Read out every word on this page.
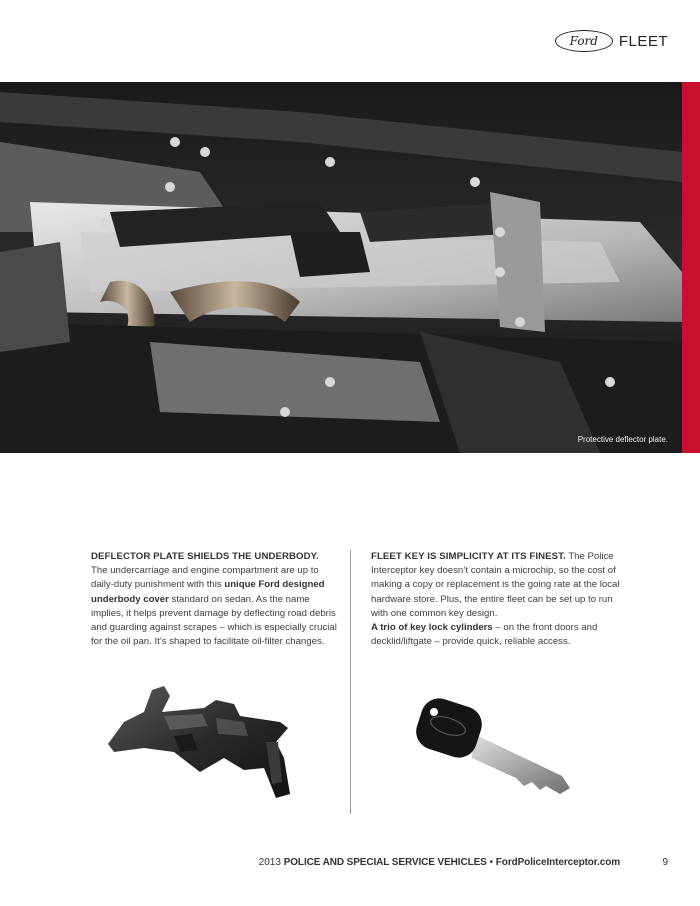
Ford FLEET
Protective deflector plate.

DEFLECTOR PLATE SHIELDS THE UNDERBODY.
The undercarriage and engine compartment are up to daily-duty punishment with this unique Ford designed underbody cover standard on sedan. As the name implies, it helps prevent damage by deflecting road debris and guarding against scrapes – which is especially crucial for the oil pan. It’s shaped to facilitate oil-filter changes.

FLEET KEY IS SIMPLICITY AT ITS FINEST. The Police Interceptor key doesn’t contain a microchip, so the cost of making a copy or replacement is the going rate at the local hardware store. Plus, the entire fleet can be set up to run with one common key design.
A trio of key lock cylinders – on the front doors and decklid/liftgate – provide quick, reliable access.

2013 POLICE AND SPECIAL SERVICE VEHICLES • FordPoliceInterceptor.com	9
